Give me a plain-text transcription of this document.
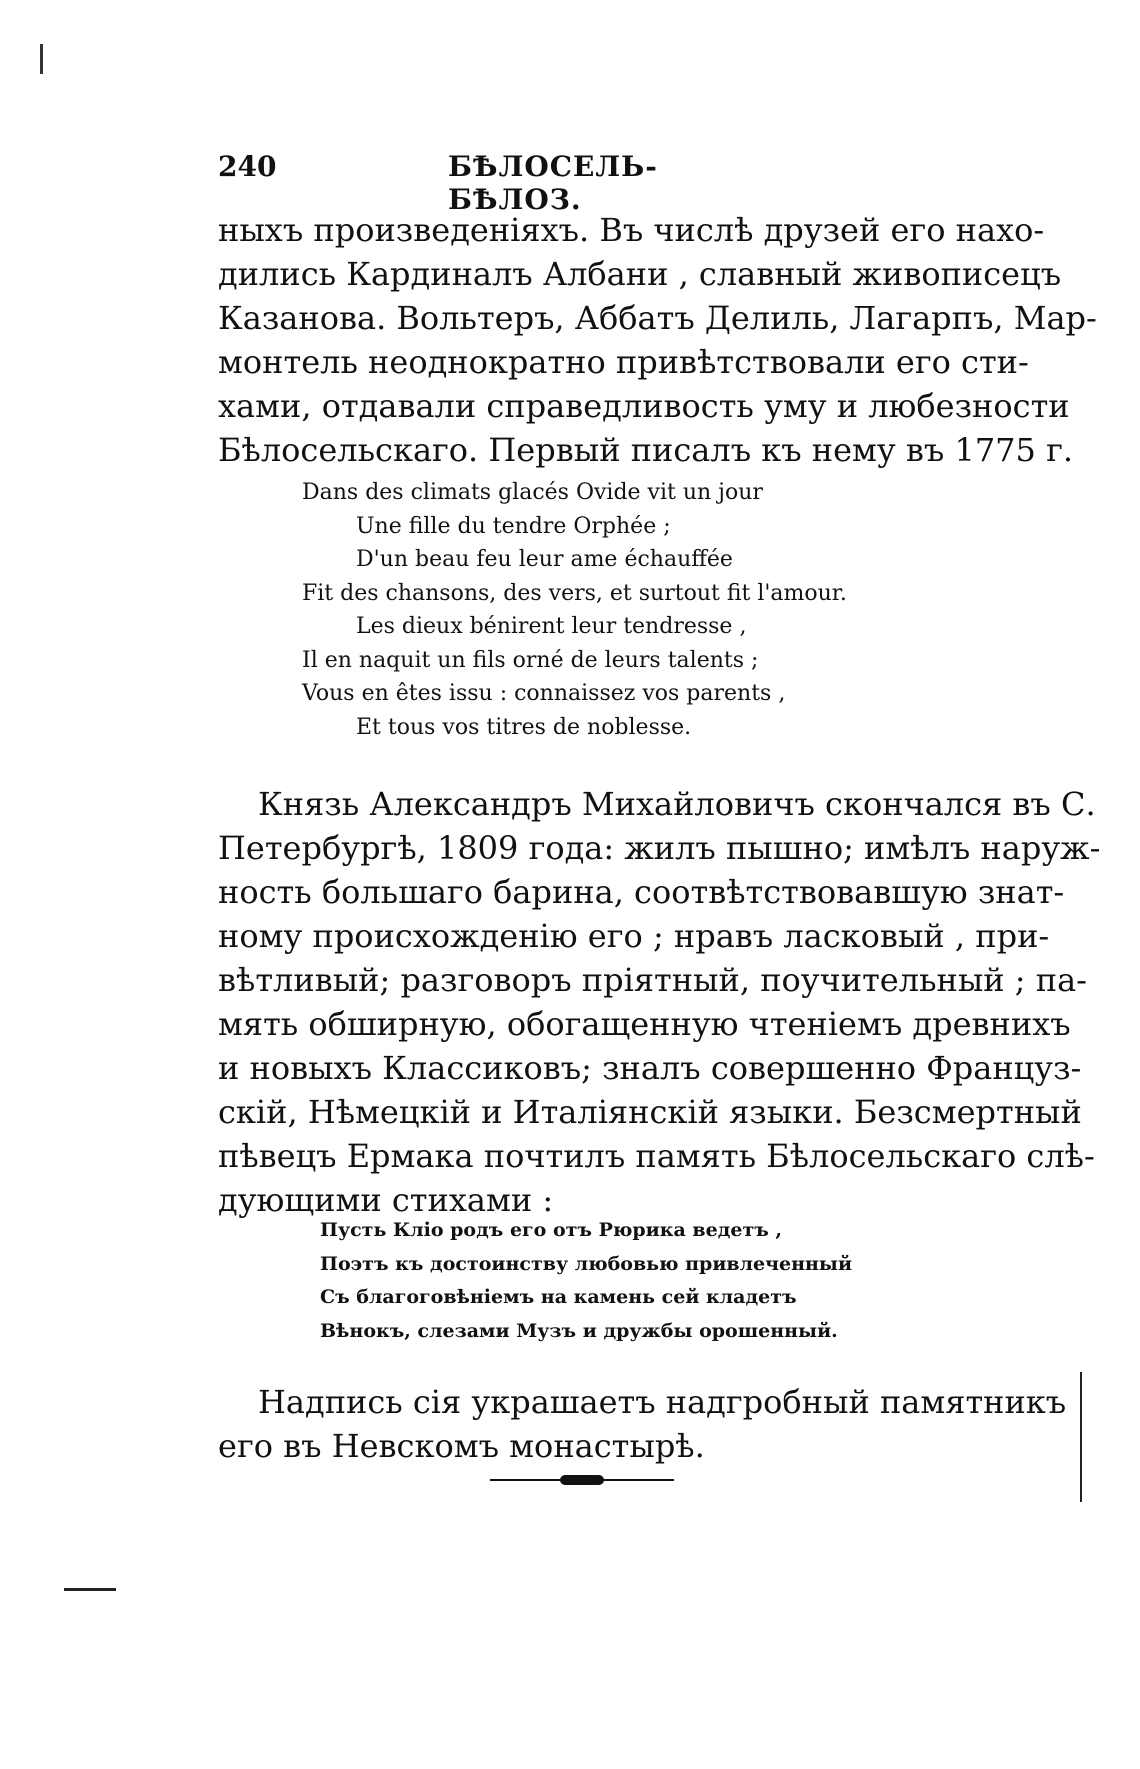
240	БѢЛОСЕЛЬ-БѢЛОЗ.
ныхъ произведеніяхъ. Въ числѣ друзей его нахо-
дились Кардиналъ Албани , славный живописецъ
Казанова. Вольтеръ, Аббатъ Делиль, Лагарпъ, Мар-
монтель неоднократно привѣтствовали его сти-
хами, отдавали справедливость уму и любезности
Бѣлосельскаго. Первый писалъ къ нему въ 1775 г.
Dans des climats glacés Ovide vit un jour
Une fille du tendre Orphée ;
D'un beau feu leur ame échauffée
Fit des chansons, des vers, et surtout fit l'amour.
Les dieux bénirent leur tendresse ,
Il en naquit un fils orné de leurs talents ;
Vous en êtes issu : connaissez vos parents ,
Et tous vos titres de noblesse.
Князь Александръ Михайловичъ скончался въ С.
Петербургѣ, 1809 года: жилъ пышно; имѣлъ наруж-
ность большаго барина, соотвѣтствовавшую знат-
ному происхожденію его ; нравъ ласковый , при-
вѣтливый; разговоръ пріятный, поучительный ; па-
мять обширную, обогащенную чтеніемъ древнихъ
и новыхъ Классиковъ; зналъ совершенно Француз-
скій, Нѣмецкій и Италіянскій языки. Безсмертный
пѣвецъ Ермака почтилъ память Бѣлосельскаго слѣ-
дующими стихами :
Пусть Кліо родъ его отъ Рюрика ведетъ ,
Поэтъ къ достоинству любовью привлеченный
Съ благоговѣніемъ на камень сей кладетъ
Вѣнокъ, слезами Музъ и дружбы орошенный.
Надпись сія украшаетъ надгробный памятникъ
его въ Невскомъ монастырѣ.
